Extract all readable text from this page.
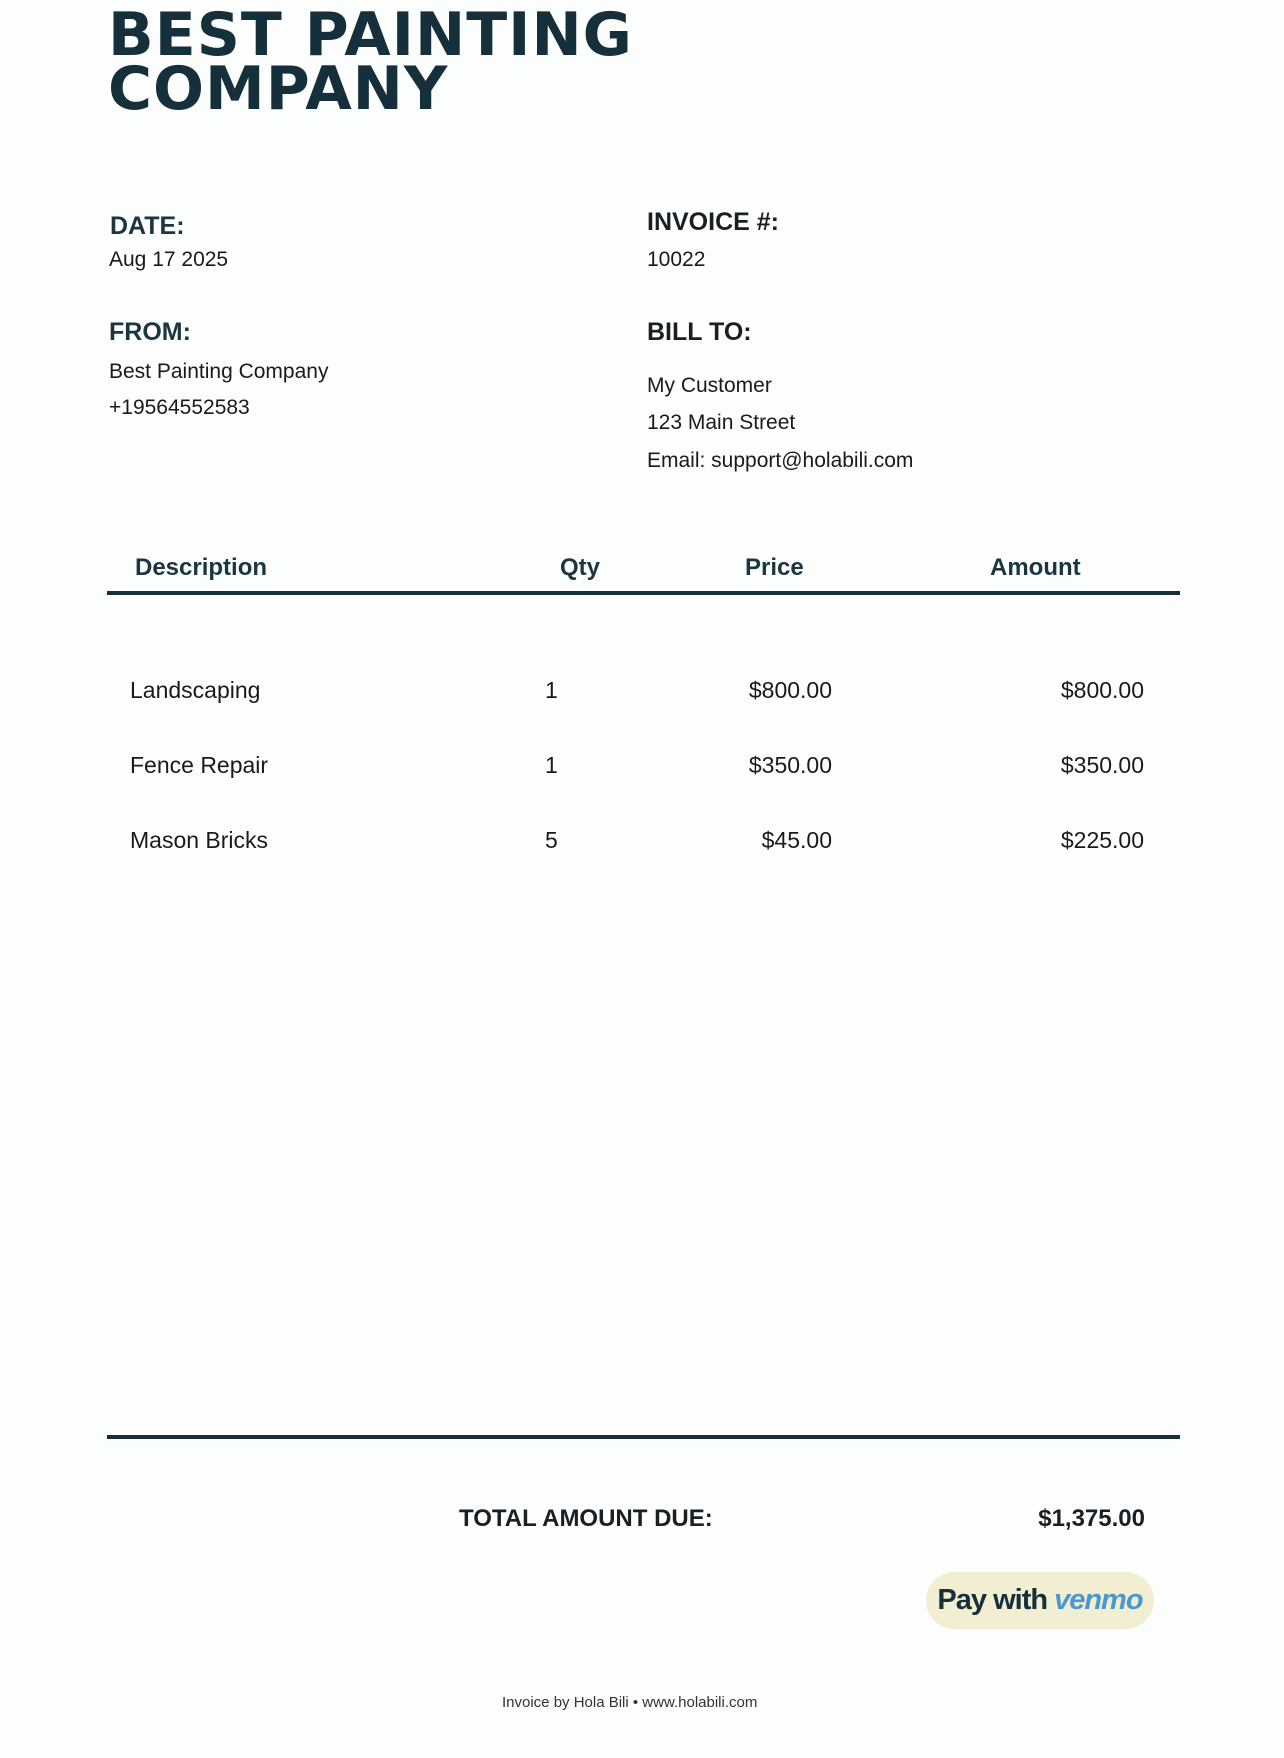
BEST PAINTING
COMPANY
DATE:
Aug 17 2025
INVOICE #:
10022
FROM:
Best Painting Company
+19564552583
BILL TO:
My Customer
123 Main Street
Email: support@holabili.com
Description	Qty	Price	Amount
Landscaping	1	$800.00	$800.00
Fence Repair	1	$350.00	$350.00
Mason Bricks	5	$45.00	$225.00
TOTAL AMOUNT DUE:	$1,375.00
Pay with venmo
Invoice by Hola Bili • www.holabili.com
